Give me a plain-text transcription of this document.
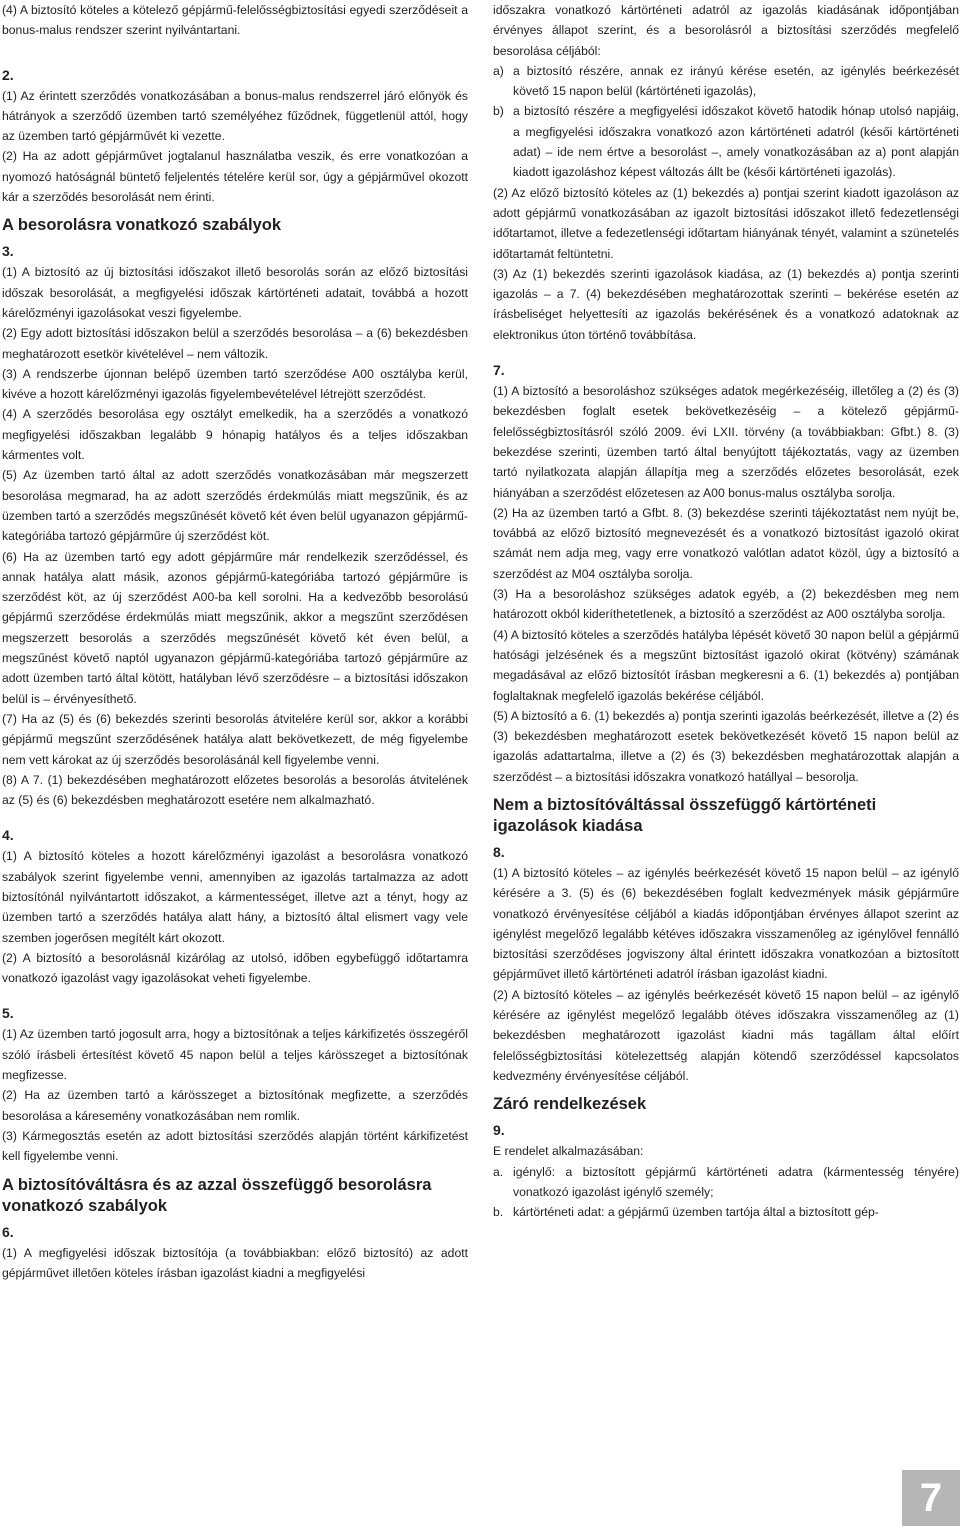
(4) A biztosító köteles a kötelező gépjármű-felelősségbiztosítási egyedi szerződéseit a bonus-malus rendszer szerint nyilvántartani.

2.

(1) Az érintett szerződés vonatkozásában a bonus-malus rendszerrel járó előnyök és hátrányok a szerződő üzemben tartó személyéhez fűződnek, függetlenül attól, hogy az üzemben tartó gépjárművét ki vezette.

(2) Ha az adott gépjárművet jogtalanul használatba veszik, és erre vonatkozóan a nyomozó hatóságnál büntető feljelentés tételére kerül sor, úgy a gépjárművel okozott kár a szerződés besorolását nem érinti.

A besorolásra vonatkozó szabályok

3.

(1) A biztosító az új biztosítási időszakot illető besorolás során az előző biztosítási időszak besorolását, a megfigyelési időszak kártörténeti adatait, továbbá a hozott kárelőzményi igazolásokat veszi figyelembe.

(2) Egy adott biztosítási időszakon belül a szerződés besorolása – a (6) bekezdésben meghatározott esetkör kivételével – nem változik.

(3) A rendszerbe újonnan belépő üzemben tartó szerződése A00 osztályba kerül, kivéve a hozott kárelőzményi igazolás figyelembevételével létrejött szerződést.

(4) A szerződés besorolása egy osztályt emelkedik, ha a szerződés a vonatkozó megfigyelési időszakban legalább 9 hónapig hatályos és a teljes időszakban kármentes volt.

(5) Az üzemben tartó által az adott szerződés vonatkozásában már megszerzett besorolása megmarad, ha az adott szerződés érdekmúlás miatt megszűnik, és az üzemben tartó a szerződés megszűnését követő két éven belül ugyanazon gépjármű-kategóriába tartozó gépjárműre új szerződést köt.

(6) Ha az üzemben tartó egy adott gépjárműre már rendelkezik szerződéssel, és annak hatálya alatt másik, azonos gépjármű-kategóriába tartozó gépjárműre is szerződést köt, az új szerződést A00-ba kell sorolni. Ha a kedvezőbb besorolású gépjármű szerződése érdekmúlás miatt megszűnik, akkor a megszűnt szerződésen megszerzett besorolás a szerződés megszűnését követő két éven belül, a megszűnést követő naptól ugyanazon gépjármű-kategóriába tartozó gépjárműre az adott üzemben tartó által kötött, hatályban lévő szerződésre – a biztosítási időszakon belül is – érvényesíthető.

(7) Ha az (5) és (6) bekezdés szerinti besorolás átvitelére kerül sor, akkor a korábbi gépjármű megszűnt szerződésének hatálya alatt bekövetkezett, de még figyelembe nem vett károkat az új szerződés besorolásánál kell figyelembe venni.

(8) A 7. (1) bekezdésében meghatározott előzetes besorolás a besorolás átvitelének az (5) és (6) bekezdésben meghatározott esetére nem alkalmazható.

4.

(1) A biztosító köteles a hozott kárelőzményi igazolást a besorolásra vonatkozó szabályok szerint figyelembe venni, amennyiben az igazolás tartalmazza az adott biztosítónál nyilvántartott időszakot, a kármentességet, illetve azt a tényt, hogy az üzemben tartó a szerződés hatálya alatt hány, a biztosító által elismert vagy vele szemben jogerősen megítélt kárt okozott.

(2) A biztosító a besorolásnál kizárólag az utolsó, időben egybefüggő időtartamra vonatkozó igazolást vagy igazolásokat veheti figyelembe.

5.

(1) Az üzemben tartó jogosult arra, hogy a biztosítónak a teljes kárkifizetés összegéről szóló írásbeli értesítést követő 45 napon belül a teljes kárösszeget a biztosítónak megfizesse.

(2) Ha az üzemben tartó a kárösszeget a biztosítónak megfizette, a szerződés besorolása a káresemény vonatkozásában nem romlik.

(3) Kármegosztás esetén az adott biztosítási szerződés alapján történt kárkifizetést kell figyelembe venni.

A biztosítóváltásra és az azzal összefüggő besorolásra vonatkozó szabályok

6.

(1) A megfigyelési időszak biztosítója (a továbbiakban: előző biztosító) az adott gépjárművet illetően köteles írásban igazolást kiadni a megfigyelési

időszakra vonatkozó kártörténeti adatról az igazolás kiadásának időpontjában érvényes állapot szerint, és a besorolásról a biztosítási szerződés megfelelő besorolása céljából:

a) a biztosító részére, annak ez irányú kérése esetén, az igénylés beérkezését követő 15 napon belül (kártörténeti igazolás),
b) a biztosító részére a megfigyelési időszakot követő hatodik hónap utolsó napjáig, a megfigyelési időszakra vonatkozó azon kártörténeti adatról (késői kártörténeti adat) – ide nem értve a besorolást –, amely vonatkozásában az a) pont alapján kiadott igazoláshoz képest változás állt be (késői kártörténeti igazolás).

(2) Az előző biztosító köteles az (1) bekezdés a) pontjai szerint kiadott igazoláson az adott gépjármű vonatkozásában az igazolt biztosítási időszakot illető fedezetlenségi időtartamot, illetve a fedezetlenségi időtartam hiányának tényét, valamint a szünetelés időtartamát feltüntetni.

(3) Az (1) bekezdés szerinti igazolások kiadása, az (1) bekezdés a) pontja szerinti igazolás – a 7. (4) bekezdésében meghatározottak szerinti – bekérése esetén az írásbeliséget helyettesíti az igazolás bekérésének és a vonatkozó adatoknak az elektronikus úton történő továbbítása.

7.

(1) A biztosító a besoroláshoz szükséges adatok megérkezéséig, illetőleg a (2) és (3) bekezdésben foglalt esetek bekövetkezéséig – a kötelező gépjármű-felelősségbiztosításról szóló 2009. évi LXII. törvény (a továbbiakban: Gfbt.) 8. (3) bekezdése szerinti, üzemben tartó által benyújtott tájékoztatás, vagy az üzemben tartó nyilatkozata alapján állapítja meg a szerződés előzetes besorolását, ezek hiányában a szerződést előzetesen az A00 bonus-malus osztályba sorolja.

(2) Ha az üzemben tartó a Gfbt. 8. (3) bekezdése szerinti tájékoztatást nem nyújt be, továbbá az előző biztosító megnevezését és a vonatkozó biztosítást igazoló okirat számát nem adja meg, vagy erre vonatkozó valótlan adatot közöl, úgy a biztosító a szerződést az M04 osztályba sorolja.

(3) Ha a besoroláshoz szükséges adatok egyéb, a (2) bekezdésben meg nem határozott okból kideríthetetlenek, a biztosító a szerződést az A00 osztályba sorolja.

(4) A biztosító köteles a szerződés hatályba lépését követő 30 napon belül a gépjármű hatósági jelzésének és a megszűnt biztosítást igazoló okirat (kötvény) számának megadásával az előző biztosítót írásban megkeresni a 6. (1) bekezdés a) pontjában foglaltaknak megfelelő igazolás bekérése céljából.

(5) A biztosító a 6. (1) bekezdés a) pontja szerinti igazolás beérkezését, illetve a (2) és (3) bekezdésben meghatározott esetek bekövetkezését követő 15 napon belül az igazolás adattartalma, illetve a (2) és (3) bekezdésben meghatározottak alapján a szerződést – a biztosítási időszakra vonatkozó hatállyal – besorolja.

Nem a biztosítóváltással összefüggő kártörténeti igazolások kiadása

8.

(1) A biztosító köteles – az igénylés beérkezését követő 15 napon belül – az igénylő kérésére a 3. (5) és (6) bekezdésében foglalt kedvezmények másik gépjárműre vonatkozó érvényesítése céljából a kiadás időpontjában érvényes állapot szerint az igénylést megelőző legalább kétéves időszakra visszamenőleg az igénylővel fennálló biztosítási szerződéses jogviszony által érintett időszakra vonatkozóan a biztosított gépjárművet illető kártörténeti adatról írásban igazolást kiadni.

(2) A biztosító köteles – az igénylés beérkezését követő 15 napon belül – az igénylő kérésére az igénylést megelőző legalább ötéves időszakra visszamenőleg az (1) bekezdésben meghatározott igazolást kiadni más tagállam által előírt felelősségbiztosítási kötelezettség alapján kötendő szerződéssel kapcsolatos kedvezmény érvényesítése céljából.

Záró rendelkezések

9.

E rendelet alkalmazásában:

a. igénylő: a biztosított gépjármű kártörténeti adatra (kármentesség tényére) vonatkozó igazolást igénylő személy;
b. kártörténeti adat: a gépjármű üzemben tartója által a biztosított gép-
7
